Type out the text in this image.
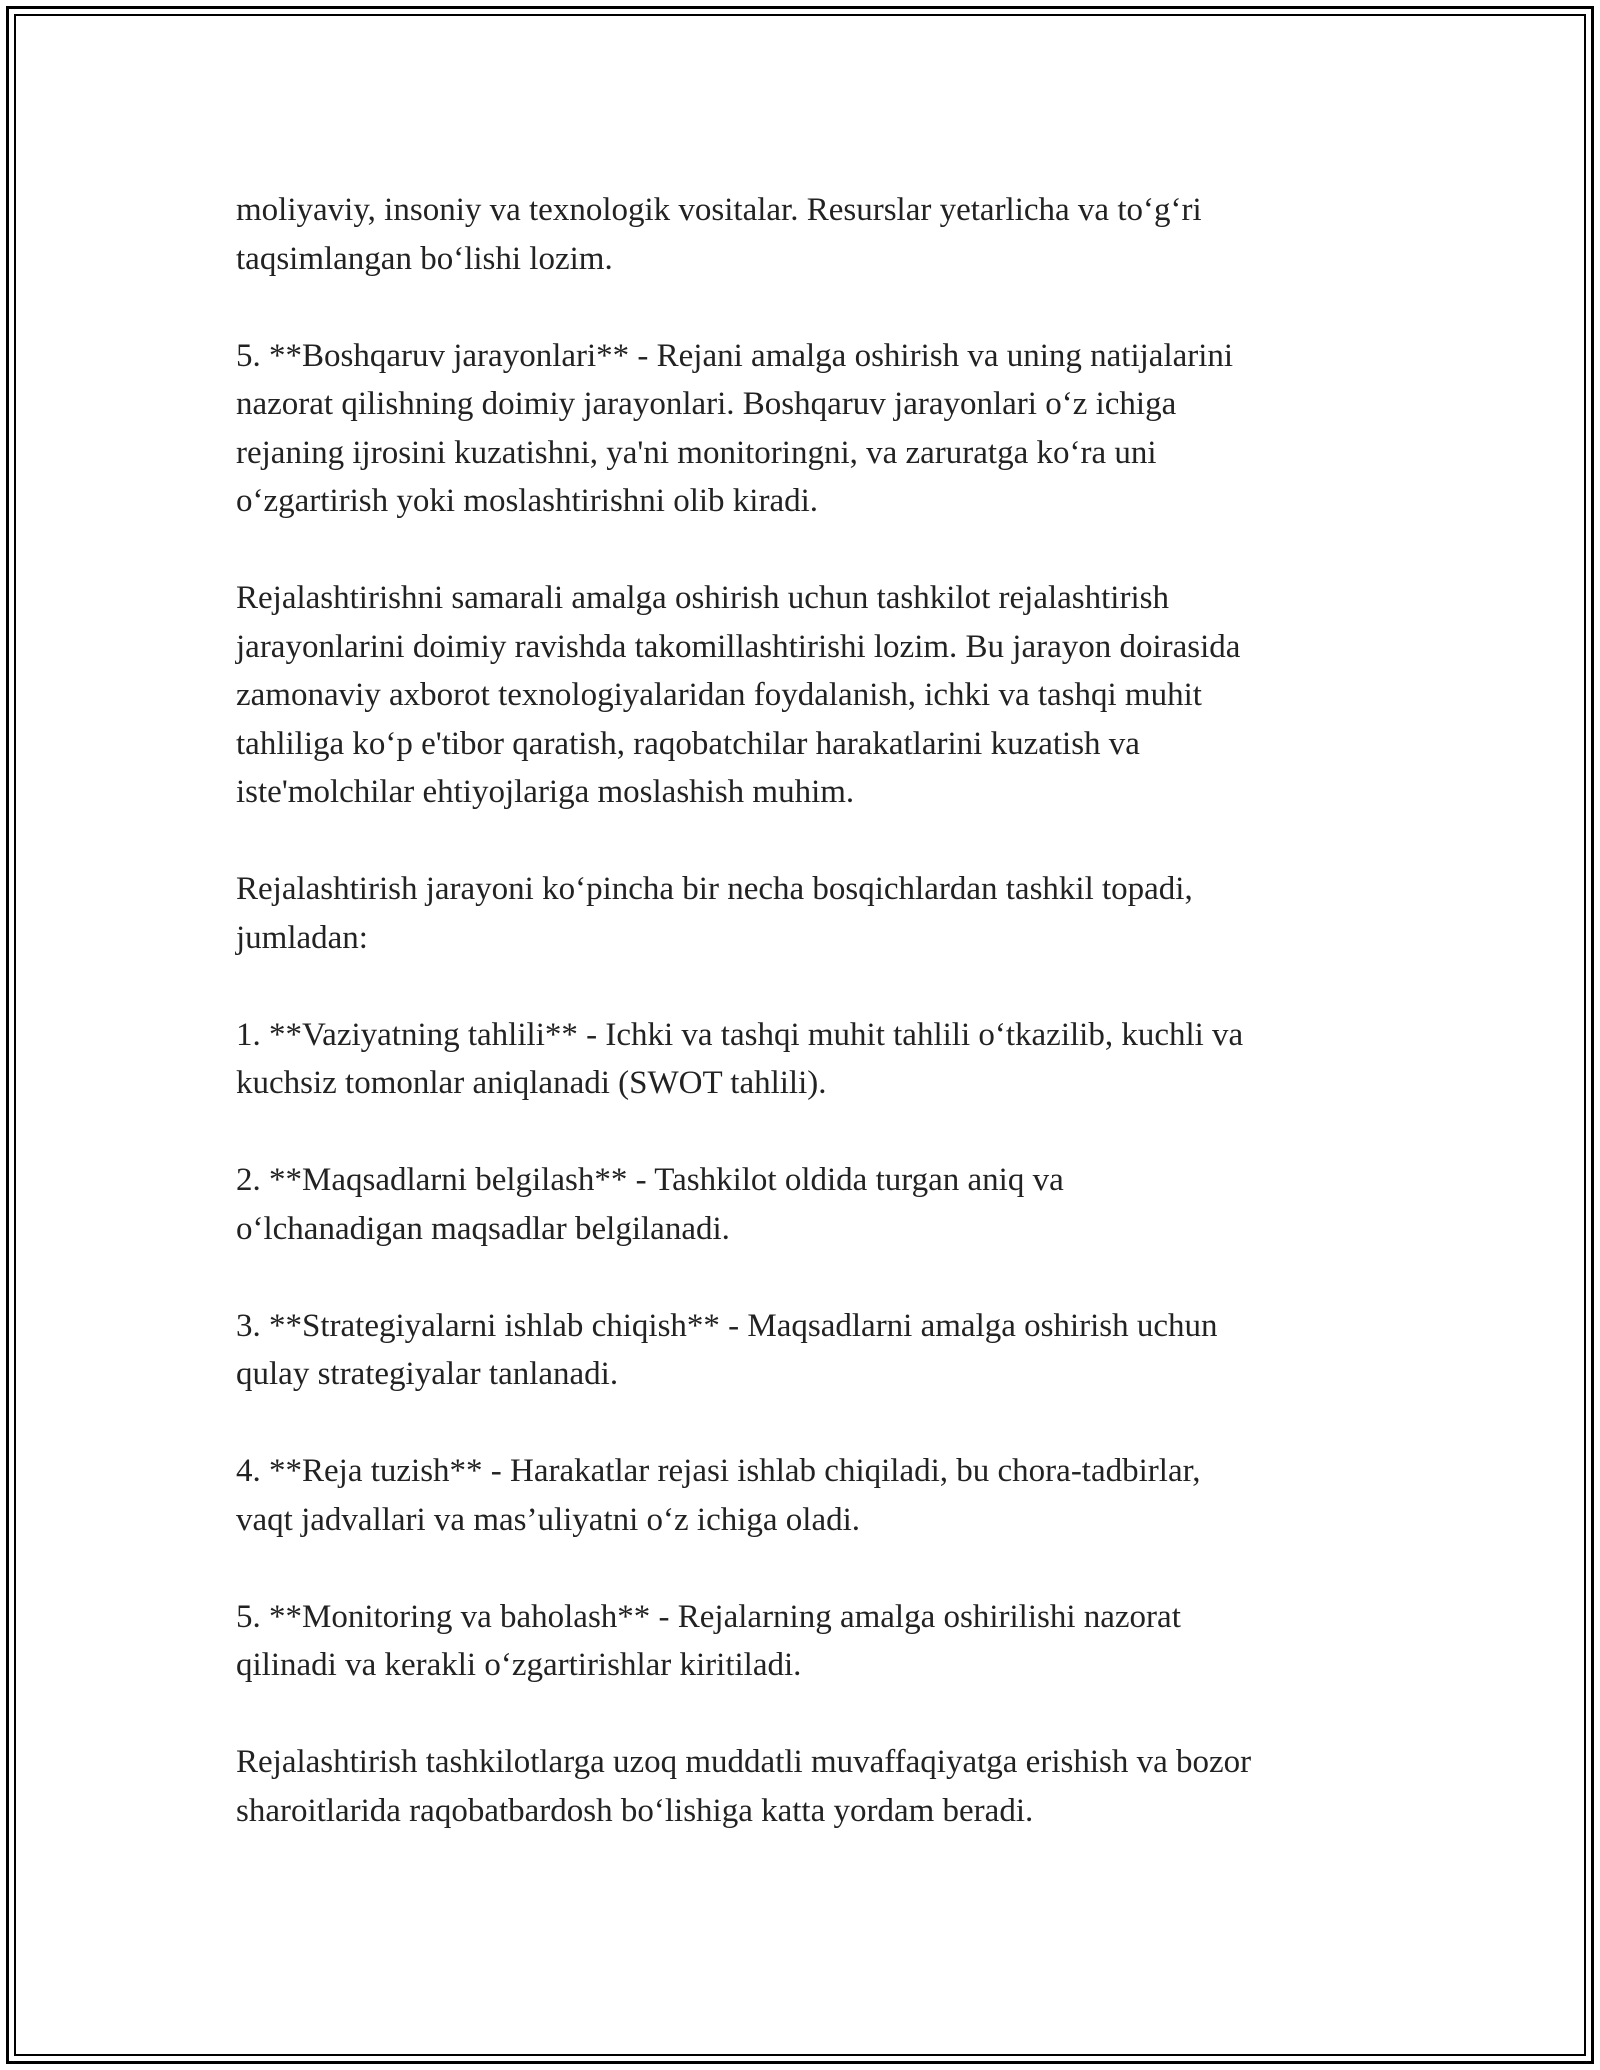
moliyaviy, insoniy va texnologik vositalar. Resurslar yetarlicha va to‘g‘ri
taqsimlangan bo‘lishi lozim.

5. **Boshqaruv jarayonlari** - Rejani amalga oshirish va uning natijalarini
nazorat qilishning doimiy jarayonlari. Boshqaruv jarayonlari o‘z ichiga
rejaning ijrosini kuzatishni, ya'ni monitoringni, va zaruratga ko‘ra uni
o‘zgartirish yoki moslashtirishni olib kiradi.

Rejalashtirishni samarali amalga oshirish uchun tashkilot rejalashtirish
jarayonlarini doimiy ravishda takomillashtirishi lozim. Bu jarayon doirasida
zamonaviy axborot texnologiyalaridan foydalanish, ichki va tashqi muhit
tahliliga ko‘p e'tibor qaratish, raqobatchilar harakatlarini kuzatish va
iste'molchilar ehtiyojlariga moslashish muhim.

Rejalashtirish jarayoni ko‘pincha bir necha bosqichlardan tashkil topadi,
jumladan:

1. **Vaziyatning tahlili** - Ichki va tashqi muhit tahlili o‘tkazilib, kuchli va
kuchsiz tomonlar aniqlanadi (SWOT tahlili).

2. **Maqsadlarni belgilash** - Tashkilot oldida turgan aniq va
o‘lchanadigan maqsadlar belgilanadi.

3. **Strategiyalarni ishlab chiqish** - Maqsadlarni amalga oshirish uchun
qulay strategiyalar tanlanadi.

4. **Reja tuzish** - Harakatlar rejasi ishlab chiqiladi, bu chora-tadbirlar,
vaqt jadvallari va mas’uliyatni o‘z ichiga oladi.

5. **Monitoring va baholash** - Rejalarning amalga oshirilishi nazorat
qilinadi va kerakli o‘zgartirishlar kiritiladi.

Rejalashtirish tashkilotlarga uzoq muddatli muvaffaqiyatga erishish va bozor
sharoitlarida raqobatbardosh bo‘lishiga katta yordam beradi.
